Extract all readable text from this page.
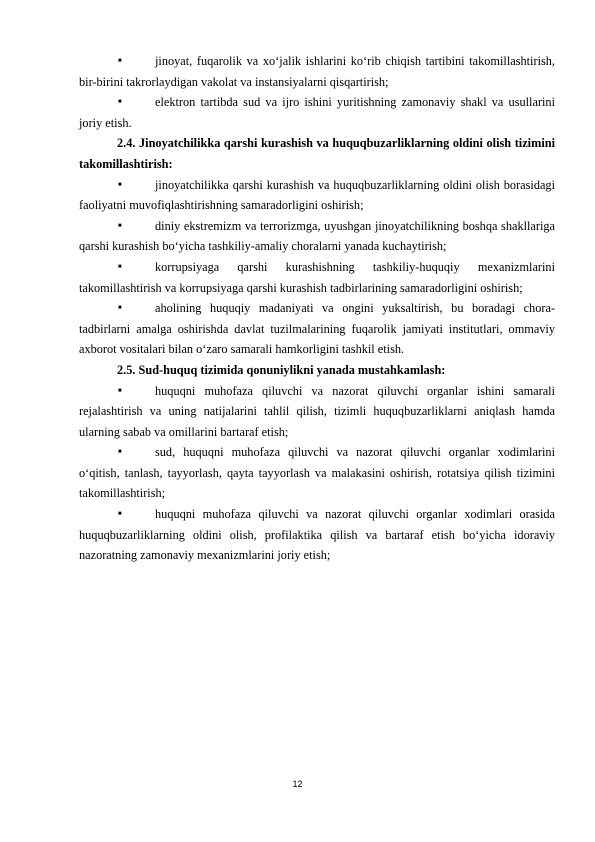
■	jinoyat, fuqarolik va xo‘jalik ishlarini ko‘rib chiqish tartibini takomillashtirish, bir-birini takrorlaydigan vakolat va instansiyalarni qisqartirish;

■	elektron tartibda sud va ijro ishini yuritishning zamonaviy shakl va usullarini joriy etish.

2.4. Jinoyatchilikka qarshi kurashish va huquqbuzarliklarning oldini olish tizimini takomillashtirish:

■	jinoyatchilikka qarshi kurashish va huquqbuzarliklarning oldini olish borasidagi faoliyatni muvofiqlashtirishning samaradorligini oshirish;

■	diniy ekstremizm va terrorizmga, uyushgan jinoyatchilikning boshqa shakllariga qarshi kurashish bo‘yicha tashkiliy-amaliy choralarni yanada kuchaytirish;

■	korrupsiyaga qarshi kurashishning tashkiliy-huquqiy mexanizmlarini takomillashtirish va korrupsiyaga qarshi kurashish tadbirlarining samaradorligini oshirish;

■	aholining huquqiy madaniyati va ongini yuksaltirish, bu boradagi chora-tadbirlarni amalga oshirishda davlat tuzilmalarining fuqarolik jamiyati institutlari, ommaviy axborot vositalari bilan o‘zaro samarali hamkorligini tashkil etish.

2.5. Sud-huquq tizimida qonuniylikni yanada mustahkamlash:

■	huquqni muhofaza qiluvchi va nazorat qiluvchi organlar ishini samarali rejalashtirish va uning natijalarini tahlil qilish, tizimli huquqbuzarliklarni aniqlash hamda ularning sabab va omillarini bartaraf etish;

■	sud, huquqni muhofaza qiluvchi va nazorat qiluvchi organlar xodimlarini o‘qitish, tanlash, tayyorlash, qayta tayyorlash va malakasini oshirish, rotatsiya qilish tizimini takomillashtirish;

■	huquqni muhofaza qiluvchi va nazorat qiluvchi organlar xodimlari orasida huquqbuzarliklarning oldini olish, profilaktika qilish va bartaraf etish bo‘yicha idoraviy nazoratning zamonaviy mexanizmlarini joriy etish;

12
